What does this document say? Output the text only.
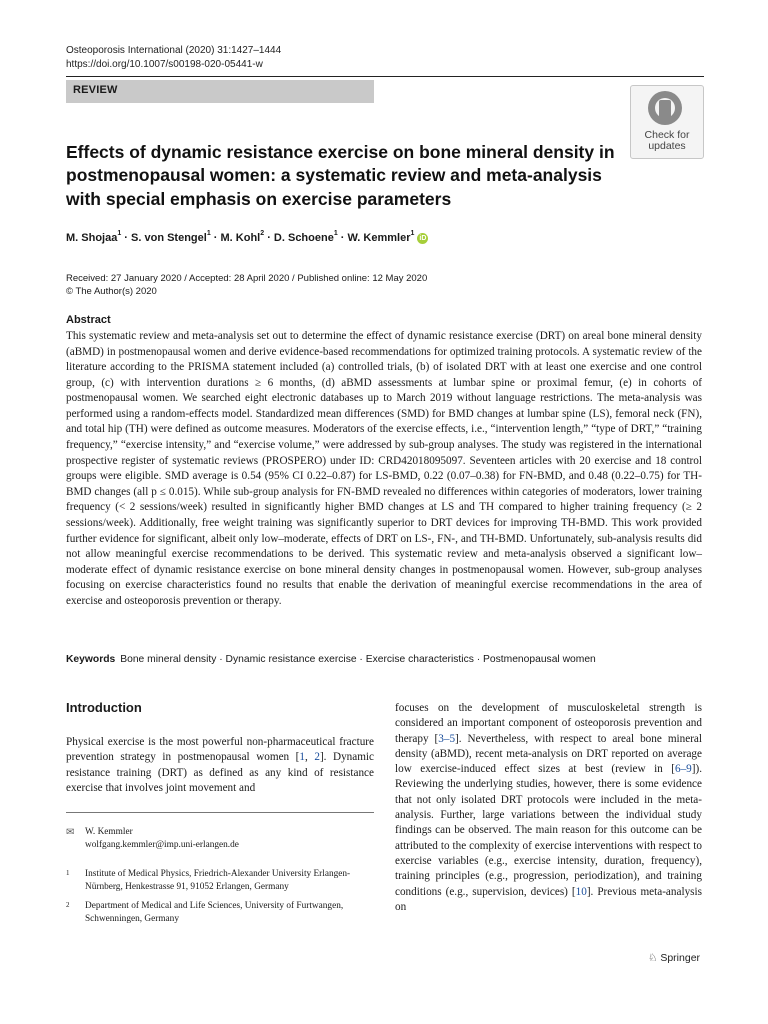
Osteoporosis International (2020) 31:1427–1444
https://doi.org/10.1007/s00198-020-05441-w
REVIEW
Check for
updates
Effects of dynamic resistance exercise on bone mineral density in postmenopausal women: a systematic review and meta-analysis with special emphasis on exercise parameters
M. Shojaa$^1$ · S. von Stengel$^1$ · M. Kohl$^2$ · D. Schoene$^1$ · W. Kemmler$^1$iD
Received: 27 January 2020 / Accepted: 28 April 2020 / Published online: 12 May 2020
© The Author(s) 2020
Abstract
This systematic review and meta-analysis set out to determine the effect of dynamic resistance exercise (DRT) on areal bone mineral density (aBMD) in postmenopausal women and derive evidence-based recommendations for optimized training protocols. A systematic review of the literature according to the PRISMA statement included (a) controlled trials, (b) of isolated DRT with at least one exercise and one control group, (c) with intervention durations ≥ 6 months, (d) aBMD assessments at lumbar spine or proximal femur, (e) in cohorts of postmenopausal women. We searched eight electronic databases up to March 2019 without language restrictions. The meta-analysis was performed using a random-effects model. Standardized mean differences (SMD) for BMD changes at lumbar spine (LS), femoral neck (FN), and total hip (TH) were defined as outcome measures. Moderators of the exercise effects, i.e., “intervention length,” “type of DRT,” “training frequency,” “exercise intensity,” and “exercise volume,” were addressed by sub-group analyses. The study was registered in the international prospective register of systematic reviews (PROSPERO) under ID: CRD42018095097. Seventeen articles with 20 exercise and 18 control groups were eligible. SMD average is 0.54 (95% CI 0.22–0.87) for LS-BMD, 0.22 (0.07–0.38) for FN-BMD, and 0.48 (0.22–0.75) for TH-BMD changes (all p ≤ 0.015). While sub-group analysis for FN-BMD revealed no differences within categories of moderators, lower training frequency (< 2 sessions/week) resulted in significantly higher BMD changes at LS and TH compared to higher training frequency (≥ 2 sessions/week). Additionally, free weight training was significantly superior to DRT devices for improving TH-BMD. This work provided further evidence for significant, albeit only low–moderate, effects of DRT on LS-, FN-, and TH-BMD. Unfortunately, sub-analysis results did not allow meaningful exercise recommendations to be derived. This systematic review and meta-analysis observed a significant low–moderate effect of dynamic resistance exercise on bone mineral density changes in postmenopausal women. However, sub-group analyses focusing on exercise characteristics found no results that enable the derivation of meaningful exercise recommendations in the area of exercise and osteoporosis prevention or therapy.
Keywords Bone mineral density · Dynamic resistance exercise · Exercise characteristics · Postmenopausal women
Introduction
Physical exercise is the most powerful non-pharmaceutical fracture prevention strategy in postmenopausal women [1, 2]. Dynamic resistance training (DRT) as defined as any kind of resistance exercise that involves joint movement and
focuses on the development of musculoskeletal strength is considered an important component of osteoporosis prevention and therapy [3–5]. Nevertheless, with respect to areal bone mineral density (aBMD), recent meta-analysis on DRT reported on average low exercise-induced effect sizes at best (review in [6–9]). Reviewing the underlying studies, however, there is some evidence that not only isolated DRT protocols were included in the meta-analysis. Further, large variations between the individual study findings can be observed. The main reason for this outcome can be attributed to the complexity of exercise interventions with respect to exercise variables (e.g., exercise intensity, duration, frequency), training principles (e.g., progression, periodization), and training conditions (e.g., supervision, devices) [10]. Previous meta-analysis on
✉ W. Kemmler
wolfgang.kemmler@imp.uni-erlangen.de
1 Institute of Medical Physics, Friedrich-Alexander University Erlangen-Nürnberg, Henkestrasse 91, 91052 Erlangen, Germany
2 Department of Medical and Life Sciences, University of Furtwangen, Schwenningen, Germany
♘ Springer
